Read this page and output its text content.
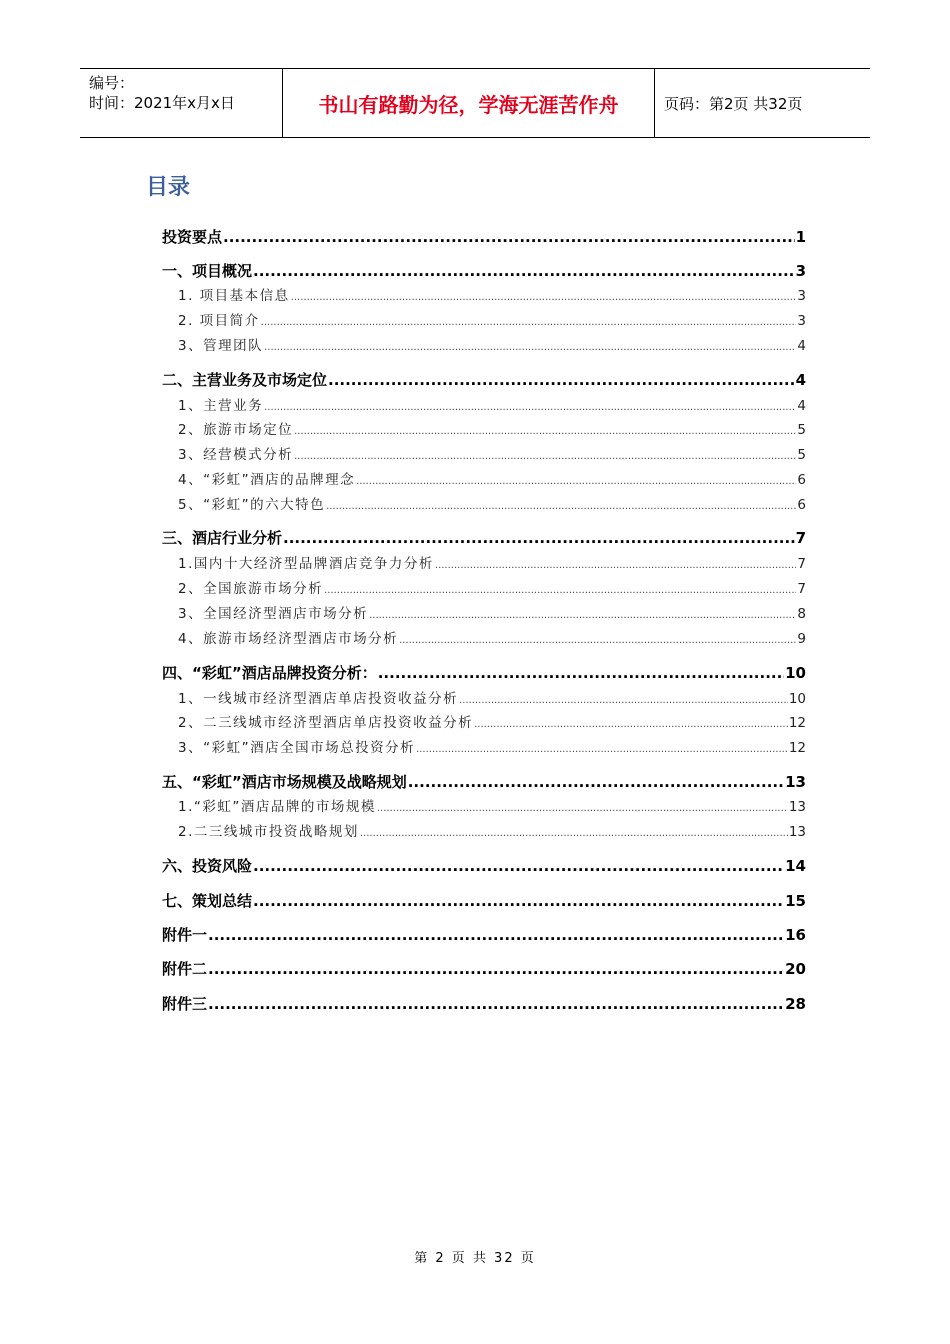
编号：
时间：2021年x月x日	书山有路勤为径，学海无涯苦作舟	页码：第2页 共32页
目录
投资要点 .....	1
一、项目概况 .....	3
1. 项目基本信息 .....	3
2. 项目简介 .....	3
3、管理团队 .....	4
二、主营业务及市场定位 .....	4
1、主营业务 .....	4
2、旅游市场定位 .....	5
3、经营模式分析 .....	5
4、“彩虹”酒店的品牌理念 .....	6
5、“彩虹”的六大特色 .....	6
三、酒店行业分析 .....	7
1.国内十大经济型品牌酒店竞争力分析 .....	7
2、全国旅游市场分析 .....	7
3、全国经济型酒店市场分析 .....	8
4、旅游市场经济型酒店市场分析 .....	9
四、“彩虹”酒店品牌投资分析： .....	10
1、一线城市经济型酒店单店投资收益分析 .....	10
2、二三线城市经济型酒店单店投资收益分析 .....	12
3、“彩虹”酒店全国市场总投资分析 .....	12
五、“彩虹”酒店市场规模及战略规划 .....	13
1.“彩虹”酒店品牌的市场规模 .....	13
2.二三线城市投资战略规划 .....	13
六、投资风险 .....	14
七、策划总结 .....	15
附件一 .....	16
附件二 .....	20
附件三 .....	28
第 2 页 共 32 页
